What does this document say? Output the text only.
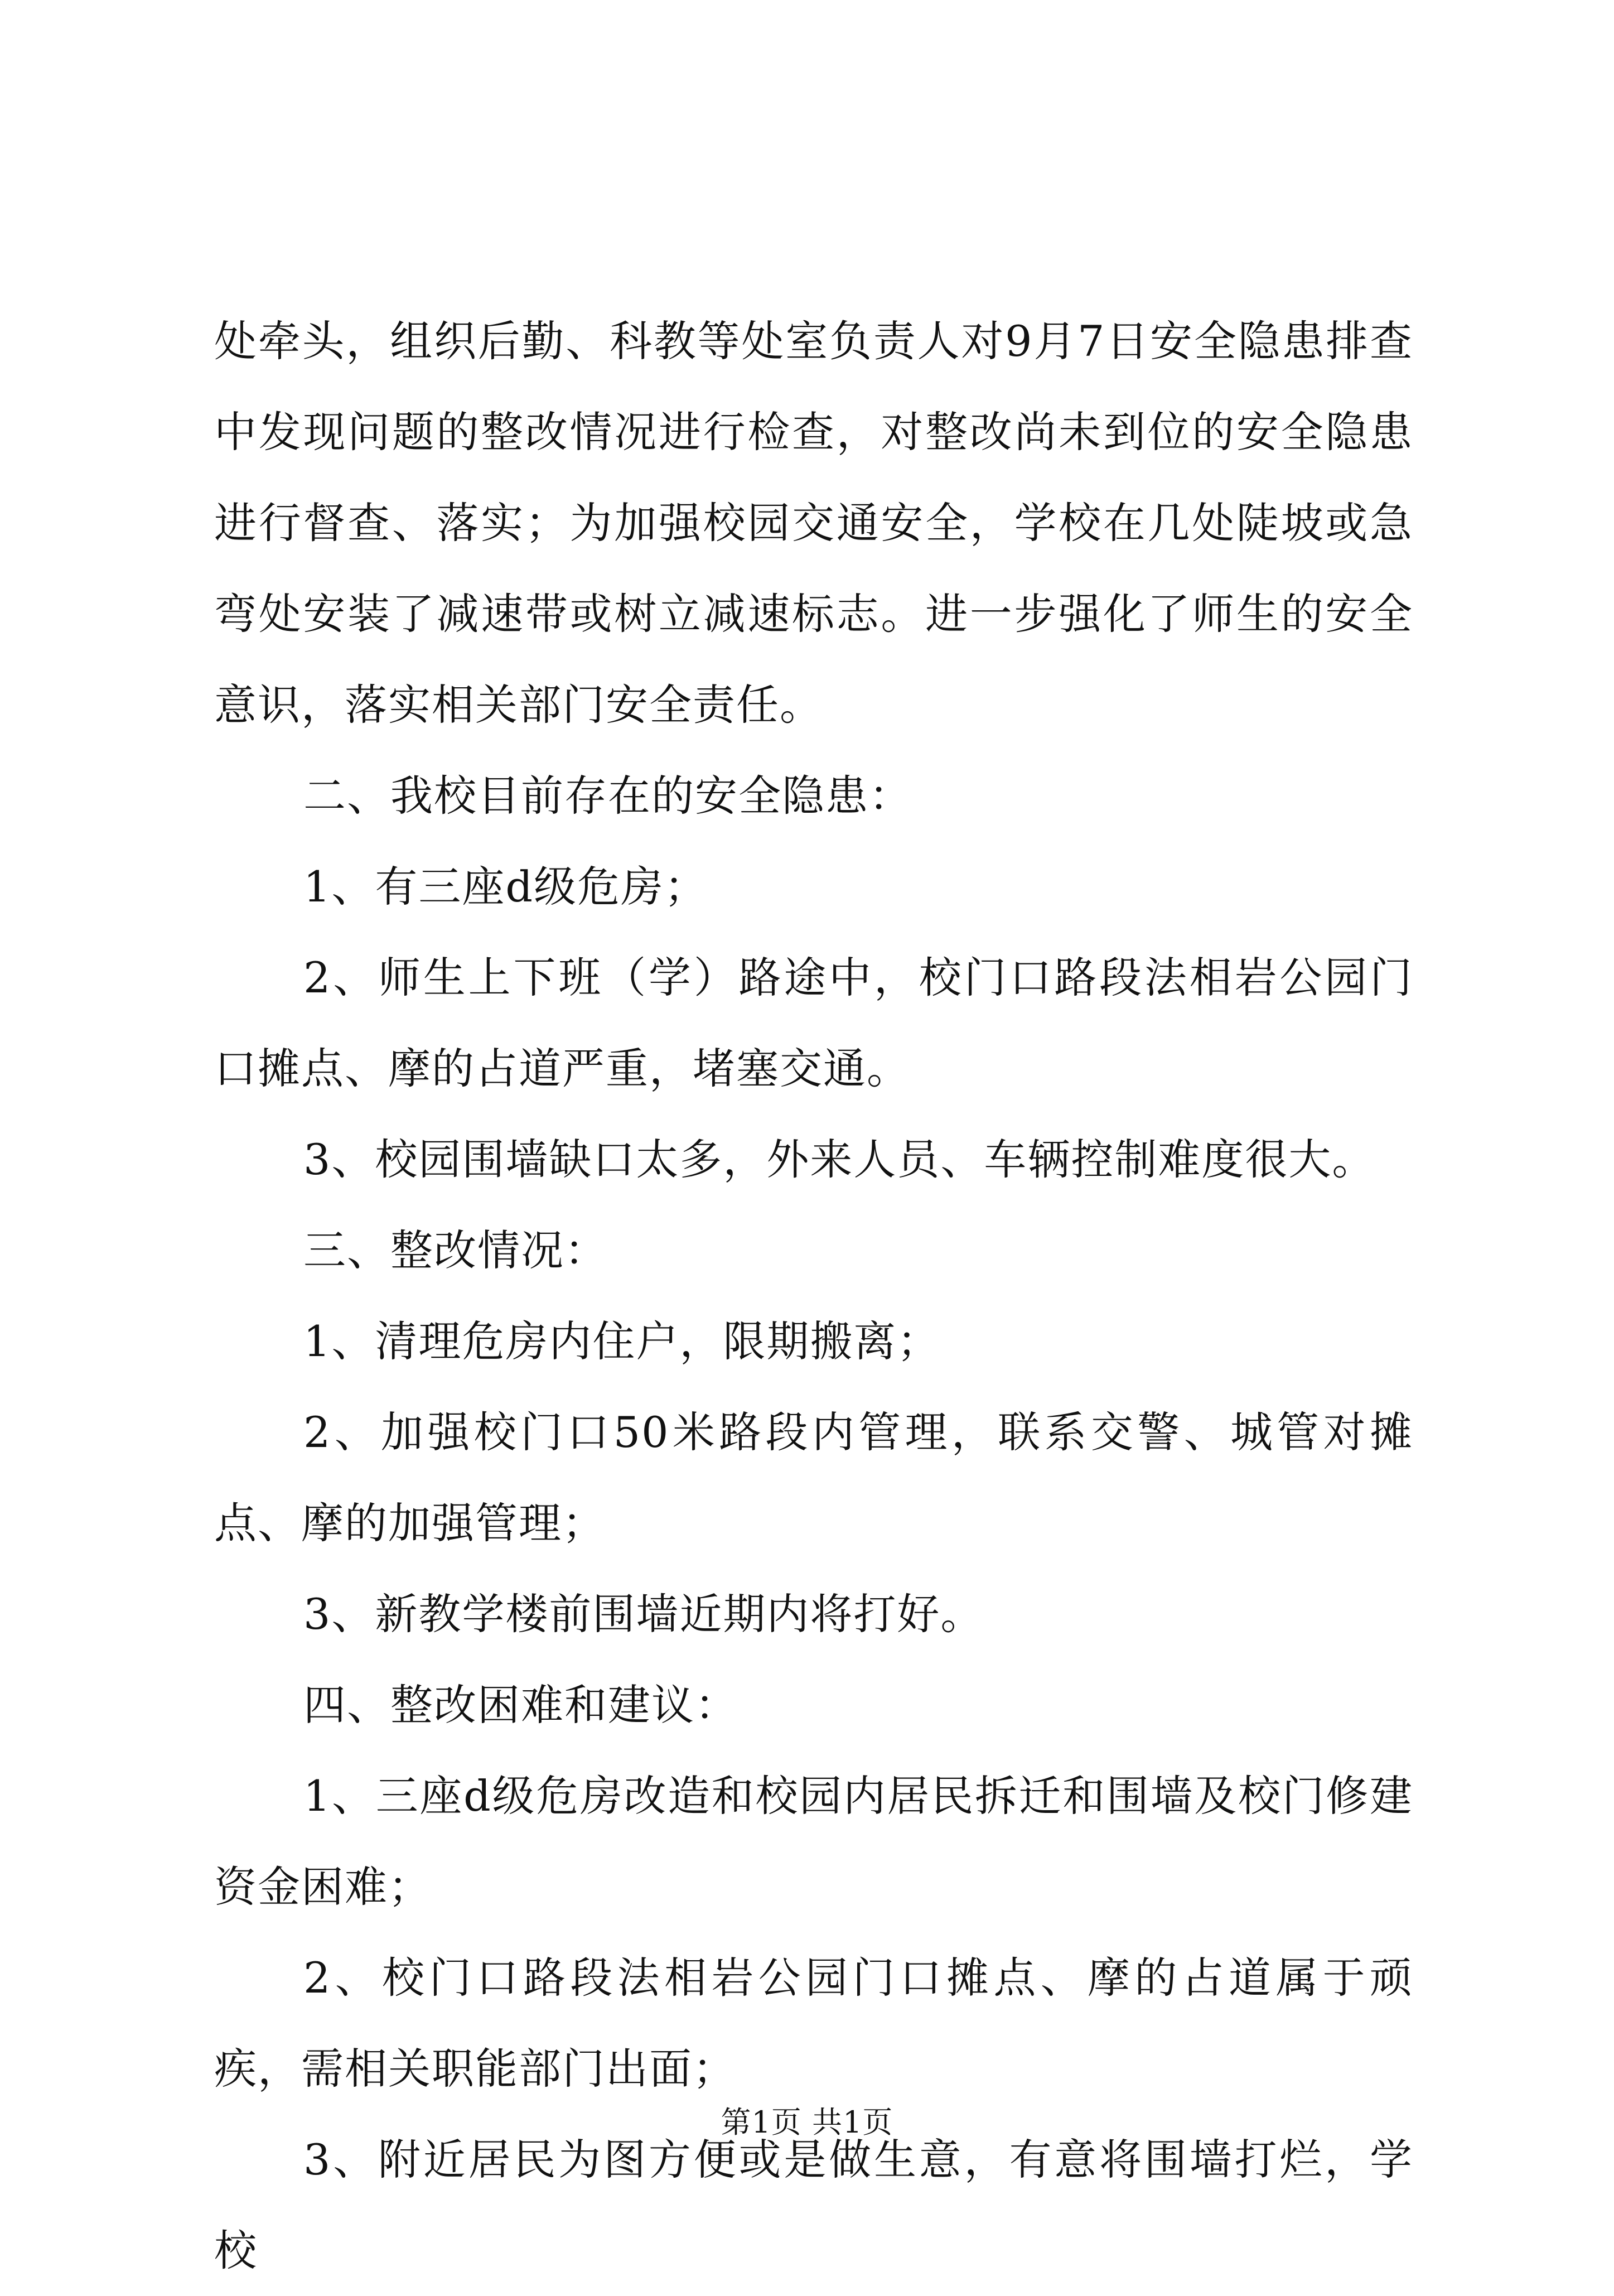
处牵头，组织后勤、科教等处室负责人对9月7日安全隐患排查中发现问题的整改情况进行检查，对整改尚未到位的安全隐患进行督查、落实；为加强校园交通安全，学校在几处陡坡或急弯处安装了减速带或树立减速标志。进一步强化了师生的安全意识，落实相关部门安全责任。

二、我校目前存在的安全隐患：

1、有三座d级危房；

2、师生上下班（学）路途中，校门口路段法相岩公园门口摊点、摩的占道严重，堵塞交通。

3、校园围墙缺口太多，外来人员、车辆控制难度很大。

三、整改情况：

1、清理危房内住户，限期搬离；

2、加强校门口50米路段内管理，联系交警、城管对摊点、摩的加强管理；

3、新教学楼前围墙近期内将打好。

四、整改困难和建议：

1、三座d级危房改造和校园内居民拆迁和围墙及校门修建资金困难；

2、校门口路段法相岩公园门口摊点、摩的占道属于顽疾，需相关职能部门出面；

3、附近居民为图方便或是做生意，有意将围墙打烂，学校

第1页 共1页
